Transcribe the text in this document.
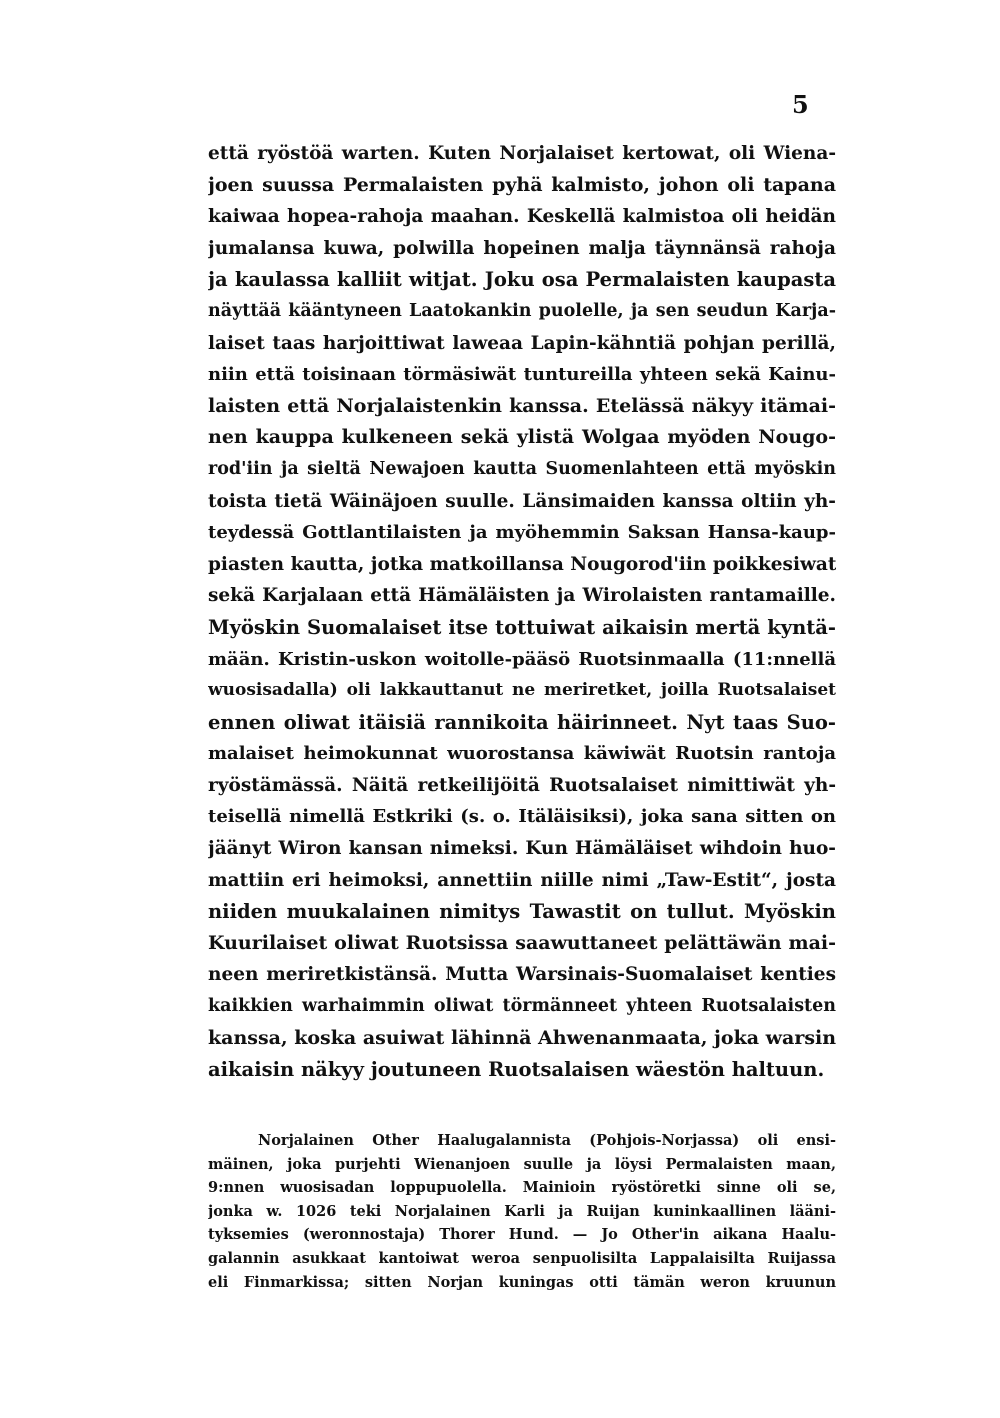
5
että ryöstöä warten. Kuten Norjalaiset kertowat, oli Wiena-
joen suussa Permalaisten pyhä kalmisto, johon oli tapana
kaiwaa hopea-rahoja maahan. Keskellä kalmistoa oli heidän
jumalansa kuwa, polwilla hopeinen malja täynnänsä rahoja
ja kaulassa kalliit witjat. Joku osa Permalaisten kaupasta
näyttää kääntyneen Laatokankin puolelle, ja sen seudun Karja-
laiset taas harjoittiwat laweaa Lapin-kähntiä pohjan perillä,
niin että toisinaan törmäsiwät tuntureilla yhteen sekä Kainu-
laisten että Norjalaistenkin kanssa. Etelässä näkyy itämai-
nen kauppa kulkeneen sekä ylistä Wolgaa myöden Nougo-
rod'iin ja sieltä Newajoen kautta Suomenlahteen että myöskin
toista tietä Wäinäjoen suulle. Länsimaiden kanssa oltiin yh-
teydessä Gottlantilaisten ja myöhemmin Saksan Hansa-kaup-
piasten kautta, jotka matkoillansa Nougorod'iin poikkesiwat
sekä Karjalaan että Hämäläisten ja Wirolaisten rantamaille.
Myöskin Suomalaiset itse tottuiwat aikaisin mertä kyntä-
mään. Kristin-uskon woitolle-pääsö Ruotsinmaalla (11:nnellä
wuosisadalla) oli lakkauttanut ne meriretket, joilla Ruotsalaiset
ennen oliwat itäisiä rannikoita häirinneet. Nyt taas Suo-
malaiset heimokunnat wuorostansa käwiwät Ruotsin rantoja
ryöstämässä. Näitä retkeilijöitä Ruotsalaiset nimittiwät yh-
teisellä nimellä Estkriki (s. o. Itäläisiksi), joka sana sitten on
jäänyt Wiron kansan nimeksi. Kun Hämäläiset wihdoin huo-
mattiin eri heimoksi, annettiin niille nimi „Taw-Estit“, josta
niiden muukalainen nimitys Tawastit on tullut. Myöskin
Kuurilaiset oliwat Ruotsissa saawuttaneet pelättäwän mai-
neen meriretkistänsä. Mutta Warsinais-Suomalaiset kenties
kaikkien warhaimmin oliwat törmänneet yhteen Ruotsalaisten
kanssa, koska asuiwat lähinnä Ahwenanmaata, joka warsin
aikaisin näkyy joutuneen Ruotsalaisen wäestön haltuun.
Norjalainen Other Haalugalannista (Pohjois-Norjassa) oli ensi-
mäinen, joka purjehti Wienanjoen suulle ja löysi Permalaisten maan,
9:nnen wuosisadan loppupuolella. Mainioin ryöstöretki sinne oli se,
jonka w. 1026 teki Norjalainen Karli ja Ruijan kuninkaallinen lääni-
tyksemies (weronnostaja) Thorer Hund. — Jo Other'in aikana Haalu-
galannin asukkaat kantoiwat weroa senpuolisilta Lappalaisilta Ruijassa
eli Finmarkissa; sitten Norjan kuningas otti tämän weron kruunun
